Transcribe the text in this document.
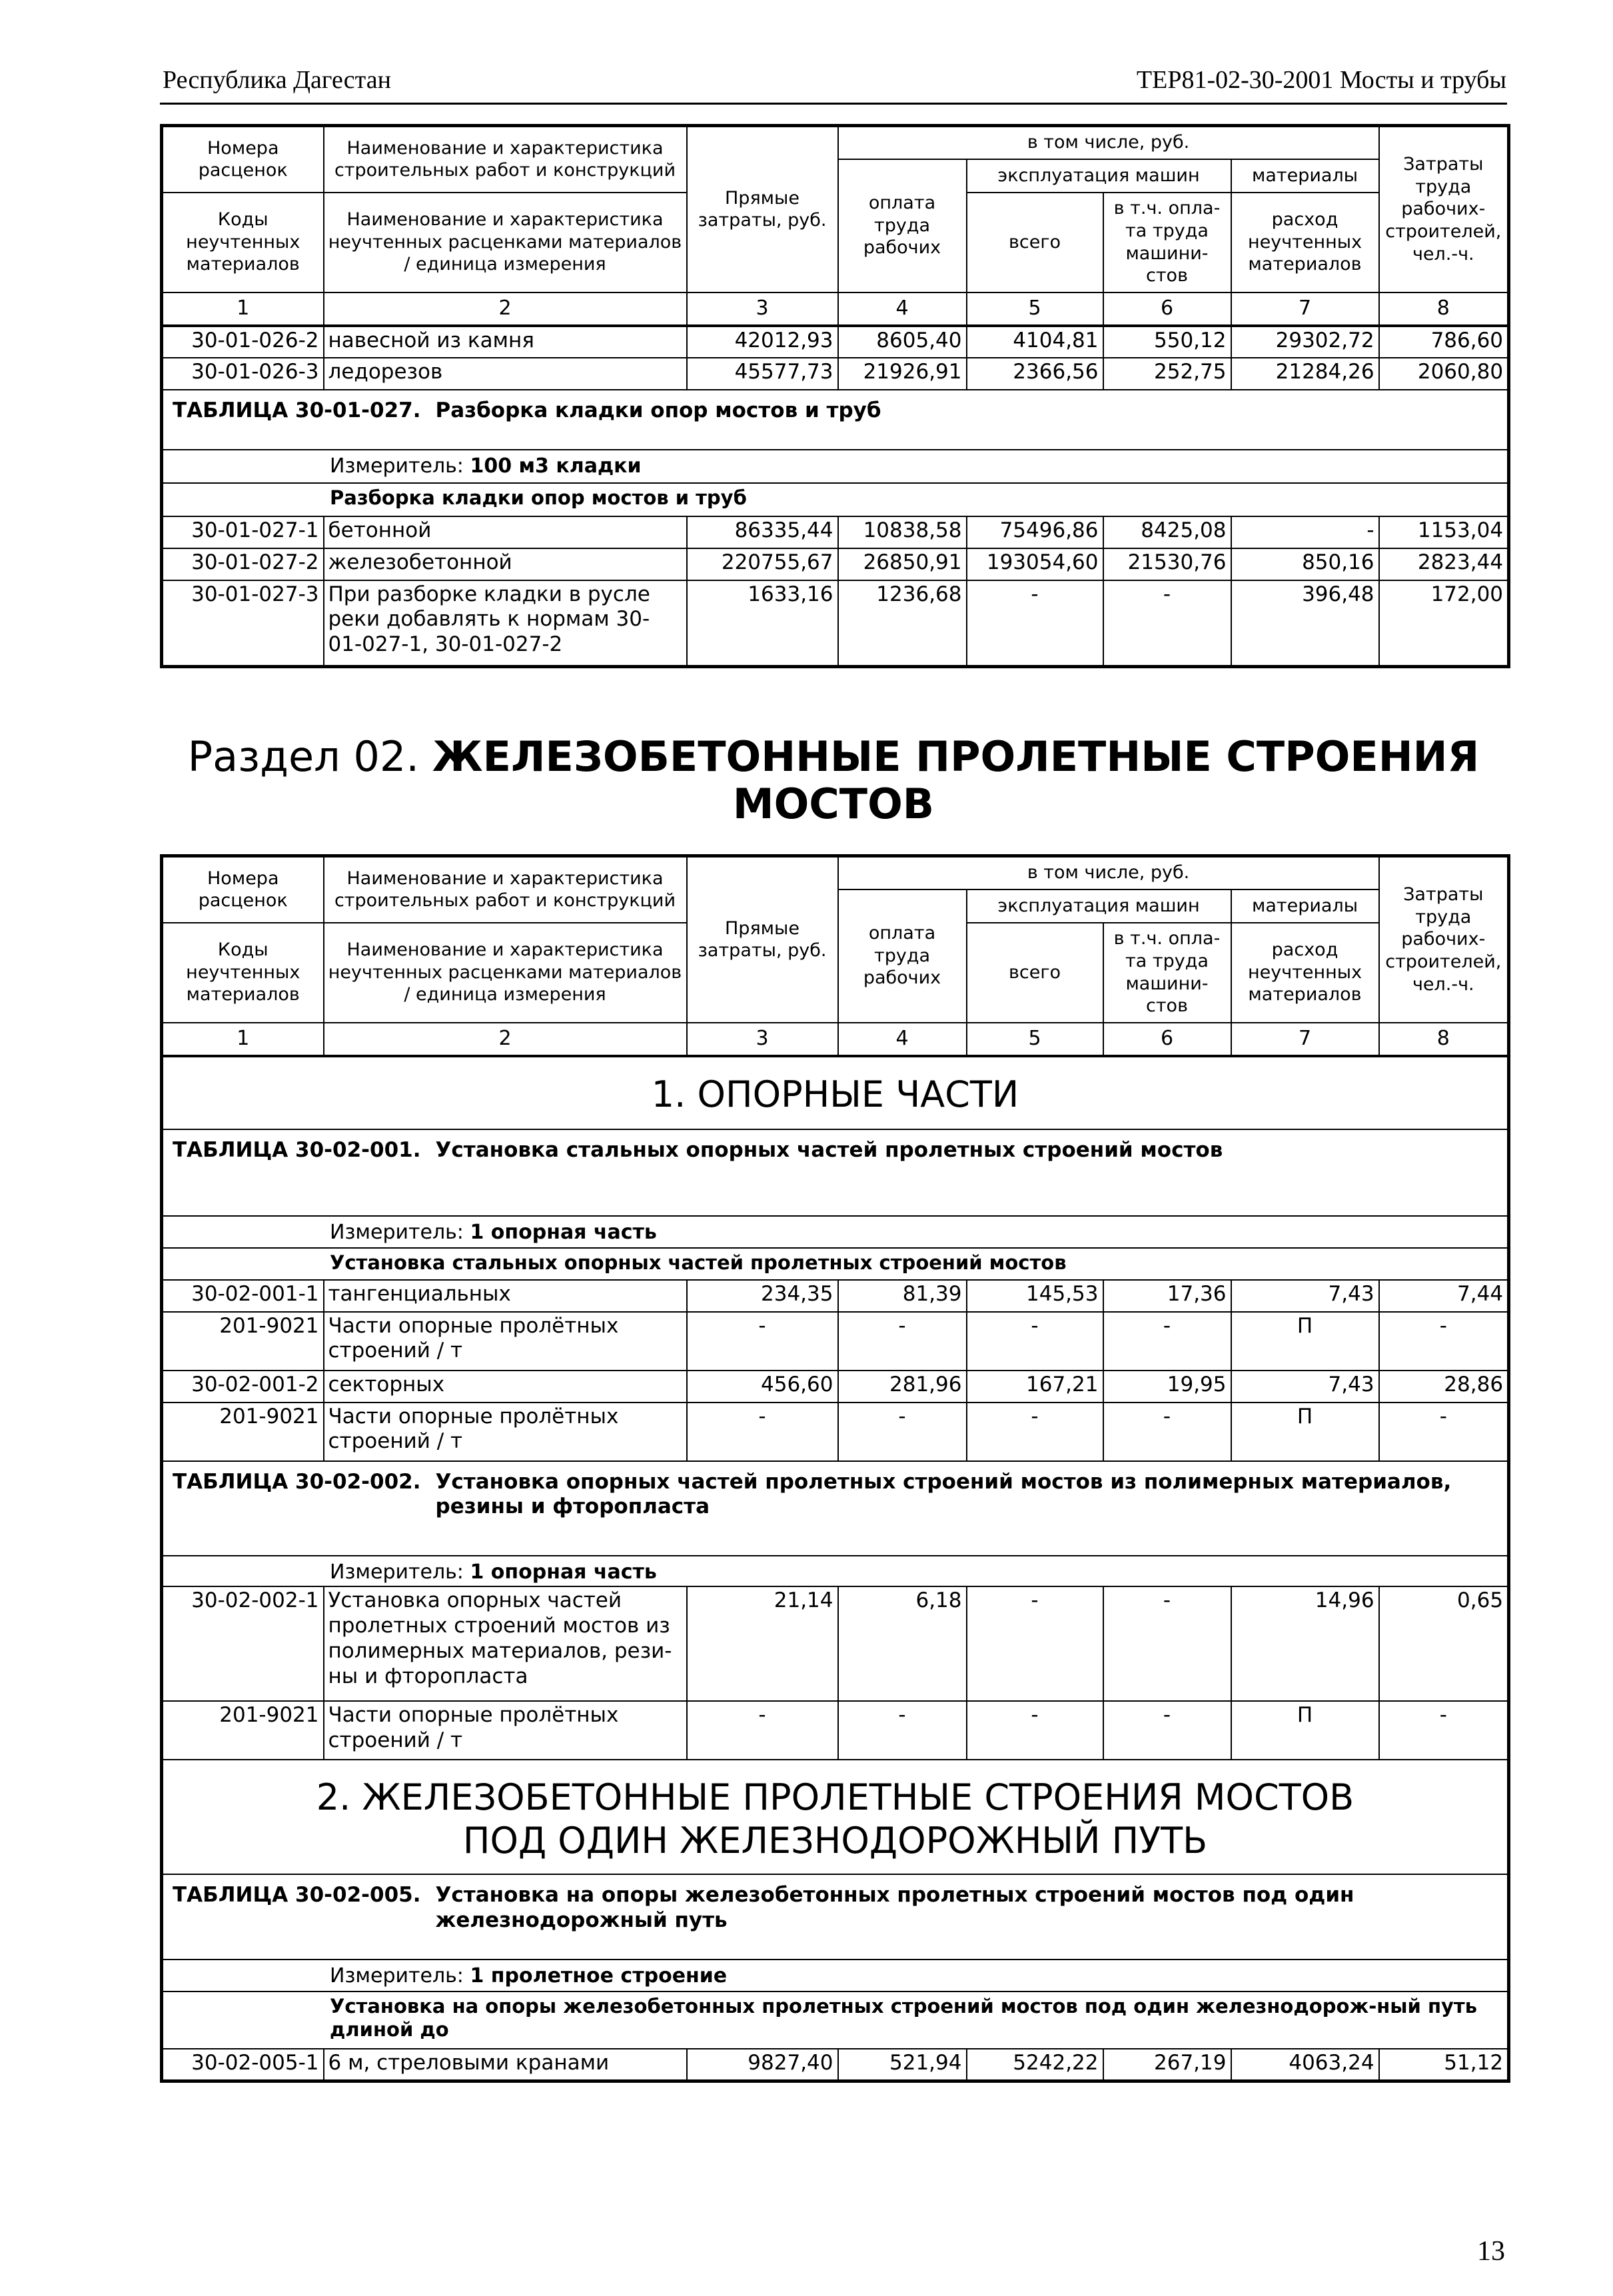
Республика Дагестан	ТЕР81-02-30-2001 Мосты и трубы
Номера расценок	Наименование и характеристика строительных работ и конструкций	Прямые затраты, руб.	в том числе, руб.				Затраты труда рабочих-строителей, чел.-ч.
			оплата труда рабочих	эксплуатация машин		материалы	
Коды неучтенных материалов	Наименование и характеристика неучтенных расценками материалов / единица измерения			всего	в т.ч. опла-та труда машини-стов	расход неучтенных материалов	

1	2	3	4	5	6	7	8
30-01-026-2	навесной из камня	42012,93	8605,40	4104,81	550,12	29302,72	786,60
30-01-026-3	ледорезов	45577,73	21926,91	2366,56	252,75	21284,26	2060,80

ТАБЛИЦА 30-01-027. Разборка кладки опор мостов и труб							

Измеритель: 100 м3 кладки							
Разборка кладки опор мостов и труб							
30-01-027-1	бетонной	86335,44	10838,58	75496,86	8425,08	-	1153,04
30-01-027-2	железобетонной	220755,67	26850,91	193054,60	21530,76	850,16	2823,44
30-01-027-3	При разборке кладки в русле реки добавлять к нормам 30-01-027-1, 30-01-027-2	1633,16	1236,68	-	-	396,48	172,00
Раздел 02. ЖЕЛЕЗОБЕТОННЫЕ ПРОЛЕТНЫЕ СТРОЕНИЯ
МОСТОВ
Номера расценок	Наименование и характеристика строительных работ и конструкций	Прямые затраты, руб.	в том числе, руб.				Затраты труда рабочих-строителей, чел.-ч.
			оплата труда рабочих	эксплуатация машин		материалы	
Коды неучтенных материалов	Наименование и характеристика неучтенных расценками материалов / единица измерения			всего	в т.ч. опла-та труда машини-стов	расход неучтенных материалов	

1	2	3	4	5	6	7	8
1. ОПОРНЫЕ ЧАСТИ							

ТАБЛИЦА 30-02-001. Установка стальных опорных частей пролетных строений мостов							

Измеритель: 1 опорная часть							
Установка стальных опорных частей пролетных строений мостов							
30-02-001-1	тангенциальных	234,35	81,39	145,53	17,36	7,43	7,44
201-9021	Части опорные пролётных строений / т	-	-	-	-	П	-
30-02-001-2	секторных	456,60	281,96	167,21	19,95	7,43	28,86
201-9021	Части опорные пролётных строений / т	-	-	-	-	П	-

ТАБЛИЦА 30-02-002. Установка опорных частей пролетных строений мостов из полимерных материалов, резины и фторопласта							

Измеритель: 1 опорная часть							
30-02-002-1	Установка опорных частей пролетных строений мостов из полимерных материалов, рези-ны и фторопласта	21,14	6,18	-	-	14,96	0,65
201-9021	Части опорные пролётных строений / т	-	-	-	-	П	-
2. ЖЕЛЕЗОБЕТОННЫЕ ПРОЛЕТНЫЕ СТРОЕНИЯ МОСТОВ
ПОД ОДИН ЖЕЛЕЗНОДОРОЖНЫЙ ПУТЬ							

ТАБЛИЦА 30-02-005. Установка на опоры железобетонных пролетных строений мостов под один железнодорожный путь							

Измеритель: 1 пролетное строение							
Установка на опоры железобетонных пролетных строений мостов под один железнодорож-ный путь длиной до							
30-02-005-1	6 м, стреловыми кранами	9827,40	521,94	5242,22	267,19	4063,24	51,12
13
